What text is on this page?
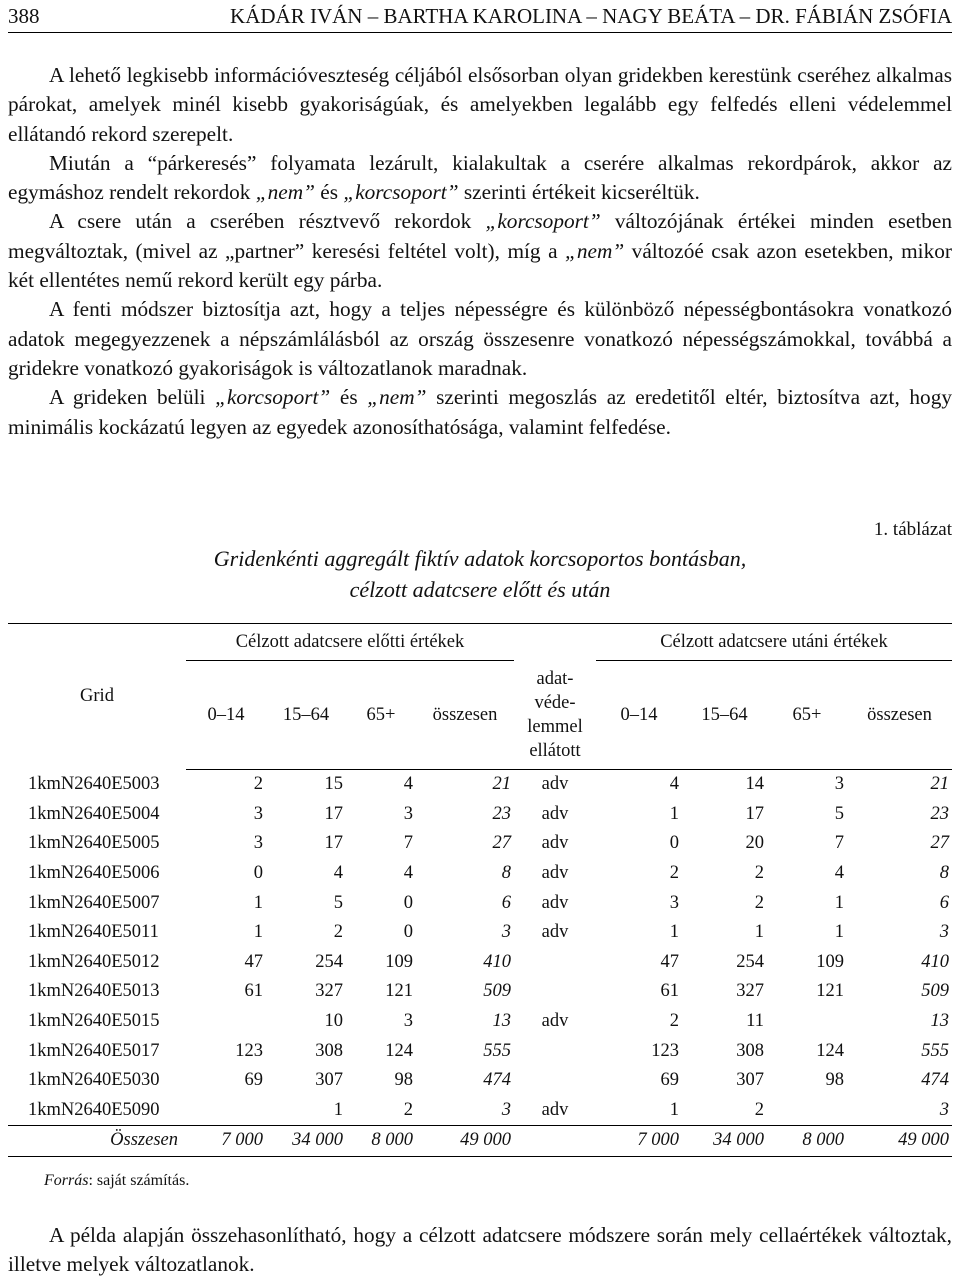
388	KÁDÁR IVÁN – BARTHA KAROLINA – NAGY BEÁTA – DR. FÁBIÁN ZSÓFIA

A lehető legkisebb információveszteség céljából elsősorban olyan gridekben kerestünk cseréhez alkalmas párokat, amelyek minél kisebb gyakoriságúak, és amelyekben legalább egy felfedés elleni védelemmel ellátandó rekord szerepelt.

Miután a “párkeresés” folyamata lezárult, kialakultak a cserére alkalmas rekordpárok, akkor az egymáshoz rendelt rekordok „nem” és „korcsoport” szerinti értékeit kicseréltük.

A csere után a cserében résztvevő rekordok „korcsoport” változójának értékei minden esetben megváltoztak, (mivel az „partner” keresési feltétel volt), míg a „nem” változóé csak azon esetekben, mikor két ellentétes nemű rekord került egy párba.

A fenti módszer biztosítja azt, hogy a teljes népességre és különböző népességbontásokra vonatkozó adatok megegyezzenek a népszámlálásból az ország összesenre vonatkozó népességszámokkal, továbbá a gridekre vonatkozó gyakoriságok is változatlanok maradnak.

A grideken belüli „korcsoport” és „nem” szerinti megoszlás az eredetitől eltér, biztosítva azt, hogy minimális kockázatú legyen az egyedek azonosíthatósága, valamint felfedése.

1. táblázat
Gridenkénti aggregált fiktív adatok korcsoportos bontásban,
célzott adatcsere előtt és után
Grid	Célzott adatcsere előtti értékek					Célzott adatcsere utáni értékek			
	0–14	15–64	65+	összesen	adat-
véde-
lemmel
ellátott	0–14	15–64	65+	összesen
1kmN2640E5003	2	15	4	21	adv	4	14	3	21
1kmN2640E5004	3	17	3	23	adv	1	17	5	23
1kmN2640E5005	3	17	7	27	adv	0	20	7	27
1kmN2640E5006	0	4	4	8	adv	2	2	4	8
1kmN2640E5007	1	5	0	6	adv	3	2	1	6
1kmN2640E5011	1	2	0	3	adv	1	1	1	3
1kmN2640E5012	47	254	109	410		47	254	109	410
1kmN2640E5013	61	327	121	509		61	327	121	509
1kmN2640E5015		10	3	13	adv	2	11		13
1kmN2640E5017	123	308	124	555		123	308	124	555
1kmN2640E5030	69	307	98	474		69	307	98	474
1kmN2640E5090		1	2	3	adv	1	2		3
Összesen	7 000	34 000	8 000	49 000		7 000	34 000	8 000	49 000
Forrás: saját számítás.

A példa alapján összehasonlítható, hogy a célzott adatcsere módszere során mely cellaértékek változtak, illetve melyek változatlanok.
